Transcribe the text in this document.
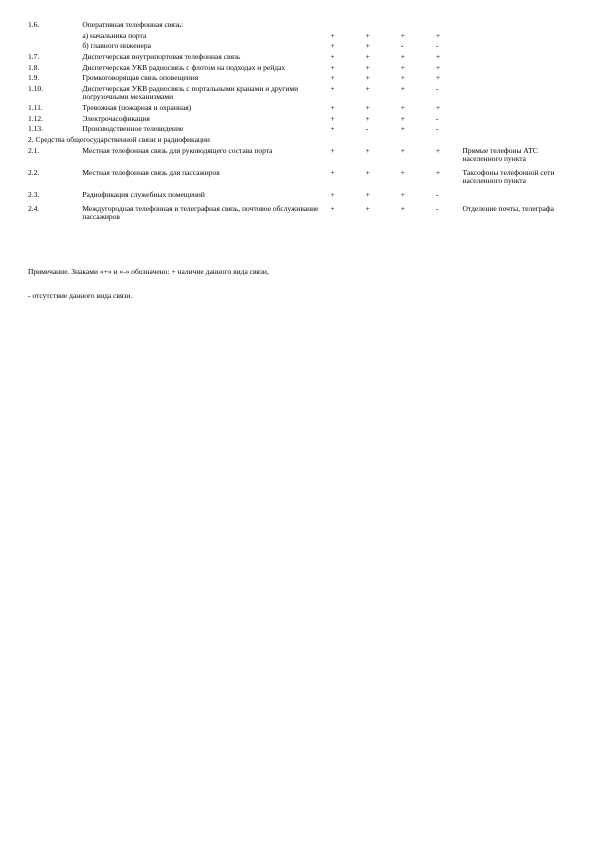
1.6.	Оперативная телефонная связь:					
	а) начальника порта	+	+	+	+	
	б) главного инженера	+	+	-	-	
1.7.	Диспетчерская внутрипортовая телефонная связь	+	+	+	+	
1.8.	Диспетчерская УКВ радиосвязь с флотом на подходах и рейдах	+	+	+	+	
1.9.	Громкоговорящая связь оповещения	+	+	+	+	
1.10.	Диспетчерская УКВ радиосвязь с портальными кранами и другими погрузочными механизмами	+	+	+	-	
1.11.	Тревожная (пожарная и охранная)	+	+	+	+	
1.12.	Электрочасофикация	+	+	+	-	
1.13.	Производственное телевидение	+	-	+	-	
2. Средства общегосударственной связи и радиофикации						
2.1.	Местная телефонная связь для руководящего состава порта	+	+	+	+	Прямые телефоны АТС населенного пункта
2.2.	Местная телефонная связь для пассажиров	+	+	+	+	Таксофоны телефонной сети населенного пункта
2.3.	Радиофикация служебных помещений	+	+	+	-	
2.4.	Междугородная телефонная и телеграфная связь, почтовое обслуживание пассажиров	+	+	+	-	Отделение почты, телеграфа
Примечание. Знаками «+» и «-» обозначено: + наличие данного вида связи,
- отсутствие данного вида связи.
